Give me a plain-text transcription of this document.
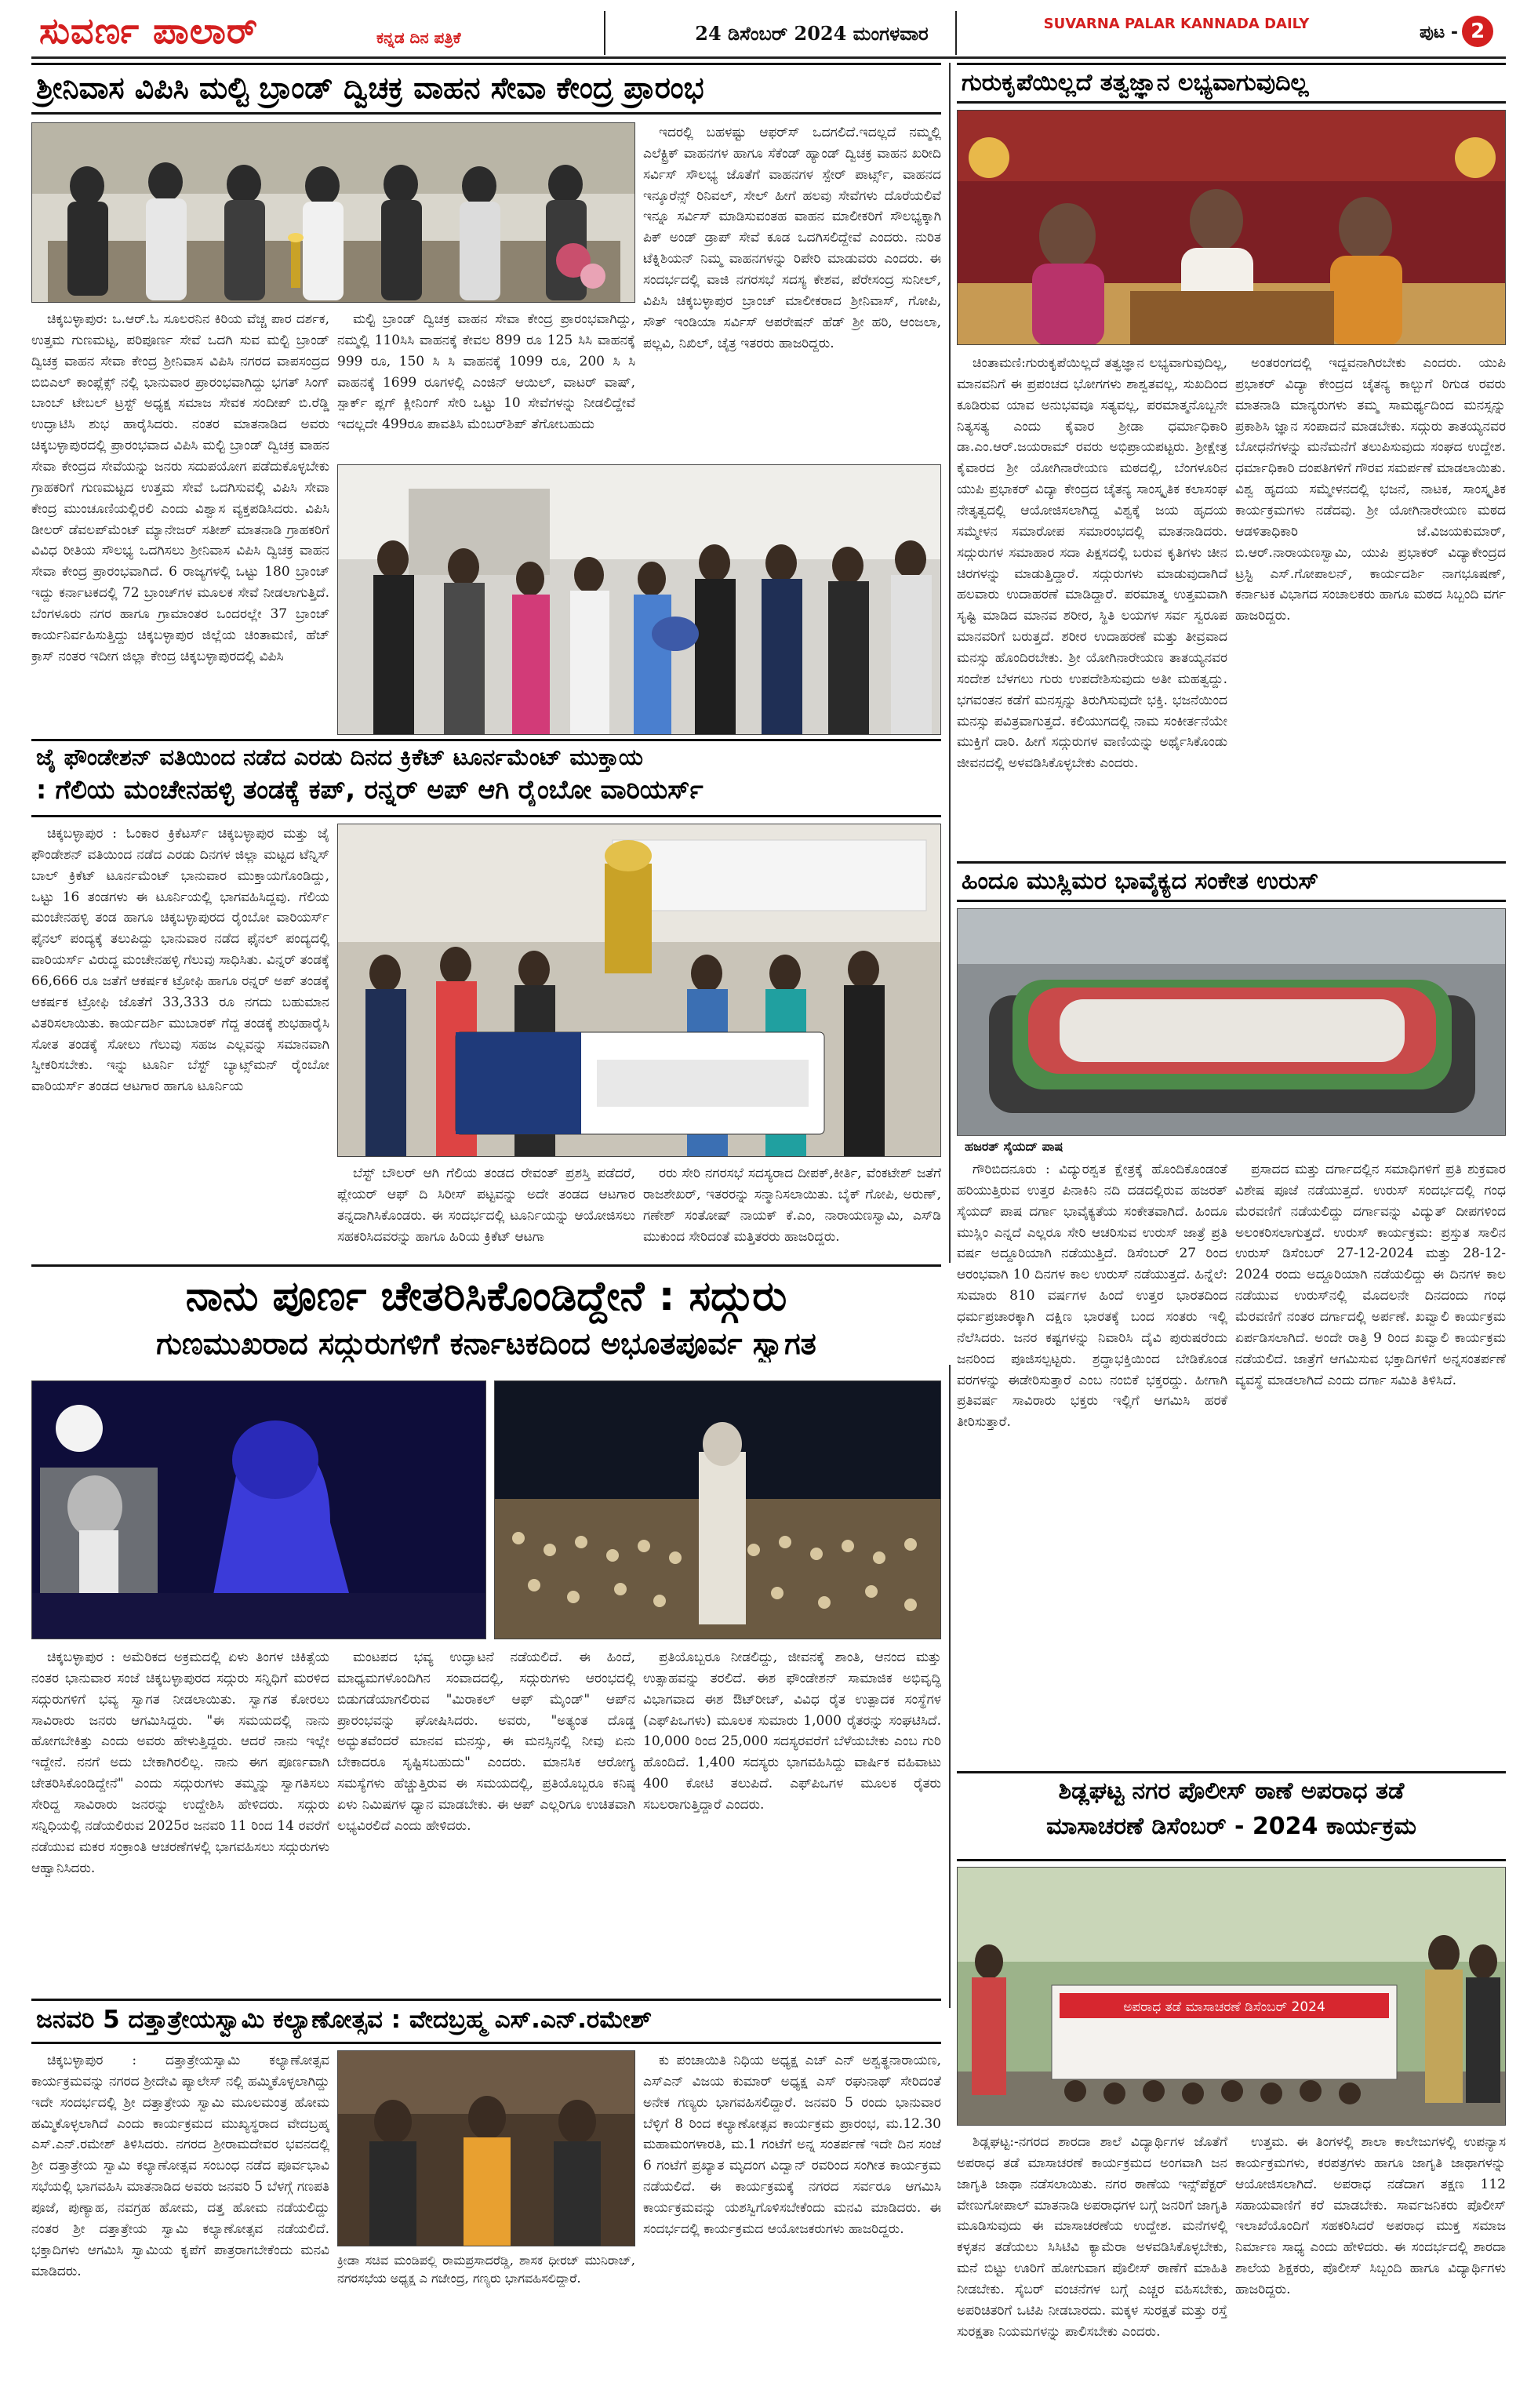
ಸುವರ್ಣ ಪಾಲಾರ್	ಕನ್ನಡ ದಿನ ಪತ್ರಿಕೆ	24 ಡಿಸೆಂಬರ್ 2024 ಮಂಗಳವಾರ	SUVARNA PALAR KANNADA DAILY	ಪುಟ - 2
ಶ್ರೀನಿವಾಸ ವಿಪಿಸಿ ಮಲ್ಟಿ ಬ್ರಾಂಡ್ ದ್ವಿಚಕ್ರ ವಾಹನ ಸೇವಾ ಕೇಂದ್ರ ಪ್ರಾರಂಭ

ಇದರಲ್ಲಿ ಬಹಳಷ್ಟು ಆಫರ್‌ಸ್ ಒದಗಲಿದೆ.ಇದಲ್ಲದೆ ನಮ್ಮಲ್ಲಿ ಎಲೆಕ್ಟ್ರಿಕ್ ವಾಹನಗಳ ಹಾಗೂ ಸೆಕೆಂಡ್ ಹ್ಯಾಂಡ್ ದ್ವಿಚಕ್ರ ವಾಹನ ಖರೀದಿ ಸರ್ವಿಸ್ ಸೌಲಭ್ಯ ಜೊತೆಗೆ ವಾಹನಗಳ ಸ್ಪೇರ್ ಪಾರ್ಟ್ಸ್, ವಾಹನದ ಇನ್ಶೂರೆನ್ಸ್ ರಿನಿವಲ್, ಸೇಲ್ ಹೀಗೆ ಹಲವು ಸೇವೆಗಳು ದೊರೆಯಲಿವೆ ಇನ್ನೂ ಸರ್ವಿಸ್ ಮಾಡಿಸುವಂತಹ ವಾಹನ ಮಾಲೀಕರಿಗೆ ಸೌಲಭ್ಯಕ್ಕಾಗಿ ಪಿಕ್ ಅಂಡ್ ಡ್ರಾಪ್ ಸೇವೆ ಕೂಡ ಒದಗಿಸಲಿದ್ದೇವೆ ಎಂದರು. ನುರಿತ ಟೆಕ್ನಿಶಿಯನ್ ನಿಮ್ಮ ವಾಹನಗಳನ್ನು ರಿಪೇರಿ ಮಾಡುವರು ಎಂದರು. ಈ ಸಂದರ್ಭದಲ್ಲಿ ವಾಜಿ ನಗರಸಭೆ ಸದಸ್ಯ ಕೇಶವ, ಪೆರೇಸಂದ್ರ ಸುನೀಲ್, ವಿಪಿಸಿ ಚಿಕ್ಕಬಳ್ಳಾಪುರ ಬ್ರಾಂಚ್ ಮಾಲೀಕರಾದ ಶ್ರೀನಿವಾಸ್, ಗೋಪಿ, ಸೌತ್ ಇಂಡಿಯಾ ಸರ್ವಿಸ್ ಆಪರೇಷನ್ ಹೆಡ್ ಶ್ರೀ ಹರಿ, ಆಂಜಲಾ, ಪಲ್ಲವಿ, ನಿಖಿಲ್, ಚೈತ್ರ ಇತರರು ಹಾಜರಿದ್ದರು.

ಚಿಕ್ಕಬಳ್ಳಾಪುರ: ಒ.ಆರ್.ಓ ಸೂಲರನಿನ ಕಿರಿಯ ವೆಚ್ಚ ಪಾರ ದರ್ಶಕ, ಉತ್ತಮ ಗುಣಮಟ್ಟ, ಪರಿಪೂರ್ಣ ಸೇವೆ ಒದಗಿ ಸುವ ಮಲ್ಟಿ ಬ್ರಾಂಡ್ ದ್ವಿಚಕ್ರ ವಾಹನ ಸೇವಾ ಕೇಂದ್ರ ಶ್ರೀನಿವಾಸ ವಿಪಿಸಿ ನಗರದ ವಾಪಸಂದ್ರದ ಬಿಬಿಎಲ್ ಕಾಂಪ್ಲೆಕ್ಸ್ ನಲ್ಲಿ ಭಾನುವಾರ ಪ್ರಾರಂಭವಾಗಿದ್ದು ಭಗತ್ ಸಿಂಗ್ ಬಾಂಬ್ ಟೇಬಲ್ ಟ್ರಸ್ಟ್ ಅಧ್ಯಕ್ಷ ಸಮಾಜ ಸೇವಕ ಸಂದೀಪ್ ಬಿ.ರೆಡ್ಡಿ ಉದ್ಘಾಟಿಸಿ ಶುಭ ಹಾರೈಸಿದರು. ನಂತರ ಮಾತನಾಡಿದ ಅವರು ಚಿಕ್ಕಬಳ್ಳಾಪುರದಲ್ಲಿ ಪ್ರಾರಂಭವಾದ ವಿಪಿಸಿ ಮಲ್ಟಿ ಬ್ರಾಂಡ್ ದ್ವಿಚಕ್ರ ವಾಹನ ಸೇವಾ ಕೇಂದ್ರದ ಸೇವೆಯನ್ನು ಜನರು ಸದುಪಯೋಗ ಪಡೆದುಕೊಳ್ಳಬೇಕು ಗ್ರಾಹಕರಿಗೆ ಗುಣಮಟ್ಟದ ಉತ್ತಮ ಸೇವೆ ಒದಗಿಸುವಲ್ಲಿ ವಿಪಿಸಿ ಸೇವಾ ಕೇಂದ್ರ ಮುಂಚೂಣಿಯಲ್ಲಿರಲಿ ಎಂದು ವಿಶ್ವಾಸ ವ್ಯಕ್ತಪಡಿಸಿದರು. ವಿಪಿಸಿ ಡೀಲರ್ ಡೆವಲಪ್‌ಮೆಂಟ್ ಮ್ಯಾನೇಜರ್ ಸತೀಶ್ ಮಾತನಾಡಿ ಗ್ರಾಹಕರಿಗೆ ವಿವಿಧ ರೀತಿಯ ಸೌಲಭ್ಯ ಒದಗಿಸಲು ಶ್ರೀನಿವಾಸ ವಿಪಿಸಿ ದ್ವಿಚಕ್ರ ವಾಹನ ಸೇವಾ ಕೇಂದ್ರ ಪ್ರಾರಂಭವಾಗಿದೆ. 6 ರಾಜ್ಯಗಳಲ್ಲಿ ಒಟ್ಟು 180 ಬ್ರಾಂಚ್ ಇದ್ದು ಕರ್ನಾಟಕದಲ್ಲಿ 72 ಬ್ರಾಂಚ್‌ಗಳ ಮೂಲಕ ಸೇವೆ ನೀಡಲಾಗುತ್ತಿದೆ. ಬೆಂಗಳೂರು ನಗರ ಹಾಗೂ ಗ್ರಾಮಾಂತರ ಒಂದರಲ್ಲೇ 37 ಬ್ರಾಂಚ್ ಕಾರ್ಯನಿರ್ವಹಿಸುತ್ತಿದ್ದು ಚಿಕ್ಕಬಳ್ಳಾಪುರ ಜಿಲ್ಲೆಯ ಚಿಂತಾಮಣಿ, ಹೆಚ್ ಕ್ರಾಸ್ ನಂತರ ಇದೀಗ ಜಿಲ್ಲಾ ಕೇಂದ್ರ ಚಿಕ್ಕಬಳ್ಳಾಪುರದಲ್ಲಿ ವಿಪಿಸಿ

ಮಲ್ಟಿ ಬ್ರಾಂಡ್ ದ್ವಿಚಕ್ರ ವಾಹನ ಸೇವಾ ಕೇಂದ್ರ ಪ್ರಾರಂಭವಾಗಿದ್ದು, ನಮ್ಮಲ್ಲಿ 110ಸಿಸಿ ವಾಹನಕ್ಕೆ ಕೇವಲ 899 ರೂ 125 ಸಿಸಿ ವಾಹನಕ್ಕೆ 999 ರೂ, 150 ಸಿ ಸಿ ವಾಹನಕ್ಕೆ 1099 ರೂ, 200 ಸಿ ಸಿ ವಾಹನಕ್ಕೆ 1699 ರೂಗಳಲ್ಲಿ ಎಂಜಿನ್ ಆಯಿಲ್, ವಾಟರ್ ವಾಷ್, ಸ್ಪಾರ್ಕ್ ಪ್ಲಗ್ ಕ್ಲೀನಿಂಗ್ ಸೇರಿ ಒಟ್ಟು 10 ಸೇವೆಗಳನ್ನು ನೀಡಲಿದ್ದೇವೆ ಇದಲ್ಲದೇ 499ರೂ ಪಾವತಿಸಿ ಮೆಂಬರ್‌ಶಿಪ್ ತೆಗೋಬಹುದು

ಗುರುಕೃಪೆಯಿಲ್ಲದೆ ತತ್ವಜ್ಞಾನ ಲಭ್ಯವಾಗುವುದಿಲ್ಲ

ಚಿಂತಾಮಣಿ:ಗುರುಕೃಪೆಯಿಲ್ಲದೆ ತತ್ವಜ್ಞಾನ ಲಭ್ಯವಾಗುವುದಿಲ್ಲ, ಮಾನವನಿಗೆ ಈ ಪ್ರಪಂಚದ ಭೋಗಗಳು ಶಾಶ್ವತವಲ್ಲ, ಸುಖದಿಂದ ಕೂಡಿರುವ ಯಾವ ಅನುಭವವೂ ಸತ್ಯವಲ್ಲ, ಪರಮಾತ್ಮನೊಬ್ಬನೇ ನಿತ್ಯಸತ್ಯ ಎಂದು ಕೈವಾರ ಶ್ರೀಡಾ ಧರ್ಮಾಧಿಕಾರಿ ಡಾ.ಎಂ.ಆರ್.ಜಯರಾಮ್ ರವರು ಅಭಿಪ್ರಾಯಪಟ್ಟರು. ಶ್ರೀಕ್ಷೇತ್ರ ಕೈವಾರದ ಶ್ರೀ ಯೋಗಿನಾರೇಯಣ ಮಠದಲ್ಲಿ, ಬೆಂಗಳೂರಿನ ಯುಪಿ ಪ್ರಭಾಕರ್ ವಿದ್ಯಾ ಕೇಂದ್ರದ ಚೈತನ್ಯ ಸಾಂಸ್ಕೃತಿಕ ಕಲಾಸಂಘ ನೇತೃತ್ವದಲ್ಲಿ ಆಯೋಜಿಸಲಾಗಿದ್ದ ವಿಶ್ವಕ್ಕೆ ಜಯ ಹೃದಯ ಸಮ್ಮೇಳನ ಸಮಾರೋಪ ಸಮಾರಂಭದಲ್ಲಿ ಮಾತನಾಡಿದರು. ಸದ್ಗುರುಗಳ ಸಮಾಹಾರ ಸದಾ ಪಿಕ್ಷಸದಲ್ಲಿ ಬರುವ ಕೃತಿಗಳು ಚೀನ ಚಿರಗಳನ್ನು ಮಾಡುತ್ತಿದ್ದಾರೆ. ಸದ್ಗುರುಗಳು ಮಾಡುವುದಾಗಿದೆ ಹಲವಾರು ಉದಾಹರಣೆ ಮಾಡಿದ್ದಾರೆ. ಪರಮಾತ್ಮ ಉತ್ತಮವಾಗಿ ಸೃಷ್ಟಿ ಮಾಡಿದ ಮಾನವ ಶರೀರ, ಸ್ಥಿತಿ ಲಯಗಳ ಸರ್ವ ಸ್ವರೂಪ ಮಾನವರಿಗೆ ಬರುತ್ತದೆ. ಶರೀರ ಉದಾಹರಣೆ ಮತ್ತು ತೀವ್ರವಾದ ಮನಸ್ಸು ಹೊಂದಿರಬೇಕು. ಶ್ರೀ ಯೋಗಿನಾರೇಯಣ ತಾತಯ್ಯನವರ ಸಂದೇಶ ಬೆಳಗಲು ಗುರು ಉಪದೇಶಿಸುವುದು ಅತೀ ಮಹತ್ವದ್ದು. ಭಗವಂತನ ಕಡೆಗೆ ಮನಸ್ಸನ್ನು ತಿರುಗಿಸುವುದೇ ಭಕ್ತಿ. ಭಜನೆಯಿಂದ ಮನಸ್ಸು ಪವಿತ್ರವಾಗುತ್ತದೆ. ಕಲಿಯುಗದಲ್ಲಿ ನಾಮ ಸಂಕೀರ್ತನೆಯೇ ಮುಕ್ತಿಗೆ ದಾರಿ. ಹೀಗೆ ಸದ್ಗುರುಗಳ ವಾಣಿಯನ್ನು ಅರ್ಥೈಸಿಕೊಂಡು ಜೀವನದಲ್ಲಿ ಅಳವಡಿಸಿಕೊಳ್ಳಬೇಕು ಎಂದರು.

ಅಂತರಂಗದಲ್ಲಿ ಇದ್ದವನಾಗಿರಬೇಕು ಎಂದರು. ಯುಪಿ ಪ್ರಭಾಕರ್ ವಿದ್ಯಾ ಕೇಂದ್ರದ ಚೈತನ್ಯ ಕಾಲ್ಬುಗೆ ರಿಗುಡ ರವರು ಮಾತನಾಡಿ ಮಾನ್ಯರುಗಳು ತಮ್ಮ ಸಾಮರ್ಥ್ಯದಿಂದ ಮನಸ್ಸನ್ನು ಪ್ರಕಾಶಿಸಿ ಜ್ಞಾನ ಸಂಪಾದನೆ ಮಾಡಬೇಕು. ಸದ್ಗುರು ತಾತಯ್ಯನವರ ಬೋಧನೆಗಳನ್ನು ಮನೆಮನೆಗೆ ತಲುಪಿಸುವುದು ಸಂಘದ ಉದ್ದೇಶ. ಧರ್ಮಾಧಿಕಾರಿ ದಂಪತಿಗಳಿಗೆ ಗೌರವ ಸಮರ್ಪಣೆ ಮಾಡಲಾಯಿತು. ವಿಶ್ವ ಹೃದಯ ಸಮ್ಮೇಳನದಲ್ಲಿ ಭಜನೆ, ನಾಟಕ, ಸಾಂಸ್ಕೃತಿಕ ಕಾರ್ಯಕ್ರಮಗಳು ನಡೆದವು. ಶ್ರೀ ಯೋಗಿನಾರೇಯಣ ಮಠದ ಆಡಳಿತಾಧಿಕಾರಿ ಜೆ.ವಿಜಯಕುಮಾರ್, ಬಿ.ಆರ್.ನಾರಾಯಣಸ್ವಾಮಿ, ಯುಪಿ ಪ್ರಭಾಕರ್ ವಿದ್ಯಾಕೇಂದ್ರದ ಟ್ರಸ್ಟಿ ಎಸ್.ಗೋಪಾಲನ್, ಕಾರ್ಯದರ್ಶಿ ನಾಗಭೂಷಣ್, ಕರ್ನಾಟಕ ವಿಭಾಗದ ಸಂಚಾಲಕರು ಹಾಗೂ ಮಠದ ಸಿಬ್ಬಂದಿ ವರ್ಗ ಹಾಜರಿದ್ದರು.

ಜೈ ಫೌಂಡೇಶನ್ ವತಿಯಿಂದ ನಡೆದ ಎರಡು ದಿನದ ಕ್ರಿಕೆಟ್ ಟೂರ್ನಮೆಂಟ್ ಮುಕ್ತಾಯ
: ಗೆಲಿಯ ಮಂಚೇನಹಳ್ಳಿ ತಂಡಕ್ಕೆ ಕಪ್, ರನ್ನರ್ ಅಪ್ ಆಗಿ ರೈಂಬೋ ವಾರಿಯರ್ಸ್

ಚಿಕ್ಕಬಳ್ಳಾಪುರ : ಓಂಕಾರ ಕ್ರಿಕೆಟರ್ಸ್ ಚಿಕ್ಕಬಳ್ಳಾಪುರ ಮತ್ತು ಜೈ ಫೌಂಡೇಶನ್ ವತಿಯಿಂದ ನಡೆದ ಎರಡು ದಿನಗಳ ಜಿಲ್ಲಾ ಮಟ್ಟದ ಟೆನ್ನಿಸ್ ಬಾಲ್ ಕ್ರಿಕೆಟ್ ಟೂರ್ನಮೆಂಟ್ ಭಾನುವಾರ ಮುಕ್ತಾಯಗೊಂಡಿದ್ದು, ಒಟ್ಟು 16 ತಂಡಗಳು ಈ ಟೂರ್ನಿಯಲ್ಲಿ ಭಾಗವಹಿಸಿದ್ದವು. ಗೆಲಿಯ ಮಂಚೇನಹಳ್ಳಿ ತಂಡ ಹಾಗೂ ಚಿಕ್ಕಬಳ್ಳಾಪುರದ ರೈಂಬೋ ವಾರಿಯರ್ಸ್ ಫೈನಲ್ ಪಂದ್ಯಕ್ಕೆ ತಲುಪಿದ್ದು ಭಾನುವಾರ ನಡೆದ ಫೈನಲ್ ಪಂದ್ಯದಲ್ಲಿ ವಾರಿಯರ್ಸ್ ವಿರುದ್ಧ ಮಂಚೇನಹಳ್ಳಿ ಗೆಲುವು ಸಾಧಿಸಿತು. ವಿನ್ನರ್ ತಂಡಕ್ಕೆ 66,666 ರೂ ಜತೆಗೆ ಆಕರ್ಷಕ ಟ್ರೋಫಿ ಹಾಗೂ ರನ್ನರ್ ಅಪ್ ತಂಡಕ್ಕೆ ಆಕರ್ಷಕ ಟ್ರೋಫಿ ಜೊತೆಗೆ 33,333 ರೂ ನಗದು ಬಹುಮಾನ ವಿತರಿಸಲಾಯಿತು. ಕಾರ್ಯದರ್ಶಿ ಮುಬಾರಕ್ ಗೆದ್ದ ತಂಡಕ್ಕೆ ಶುಭಹಾರೈಸಿ ಸೋತ ತಂಡಕ್ಕೆ ಸೋಲು ಗೆಲುವು ಸಹಜ ಎಲ್ಲವನ್ನು ಸಮಾನವಾಗಿ ಸ್ವೀಕರಿಸಬೇಕು. ಇನ್ನು ಟೂರ್ನಿ ಬೆಸ್ಟ್ ಬ್ಯಾಟ್ಸ್‌ಮನ್ ರೈಂಬೋ ವಾರಿಯರ್ಸ್ ತಂಡದ ಆಟಗಾರ ಹಾಗೂ ಟೂರ್ನಿಯ

ಬೆಸ್ಟ್ ಬೌಲರ್ ಆಗಿ ಗೆಲಿಯ ತಂಡದ ರೇವಂತ್ ಪ್ರಶಸ್ತಿ ಪಡೆದರೆ, ಪ್ಲೇಯರ್ ಆಫ್ ದಿ ಸಿರೀಸ್ ಪಟ್ಟವನ್ನು ಅದೇ ತಂಡದ ಆಟಗಾರ ತನ್ನದಾಗಿಸಿಕೊಂಡರು. ಈ ಸಂದರ್ಭದಲ್ಲಿ ಟೂರ್ನಿಯನ್ನು ಆಯೋಜಿಸಲು ಸಹಕರಿಸಿದವರನ್ನು ಹಾಗೂ ಹಿರಿಯ ಕ್ರಿಕೆಟ್ ಆಟಗಾ

ರರು ಸೇರಿ ನಗರಸಭೆ ಸದಸ್ಯರಾದ ದೀಪಕ್,ಕೀರ್ತಿ, ವೆಂಕಟೇಶ್ ಜತೆಗೆ ರಾಜಶೇಖರ್, ಇತರರನ್ನು ಸನ್ಮಾನಿಸಲಾಯಿತು. ಬೈಕ್ ಗೋಪಿ, ಅರುಣ್, ಗಣೇಶ್ ಸಂತೋಷ್ ನಾಯಕ್ ಕೆ.ಎಂ, ನಾರಾಯಣಸ್ವಾಮಿ, ಎಸ್‌ಡಿ ಮುಕುಂದ ಸೇರಿದಂತೆ ಮತ್ತಿತರರು ಹಾಜರಿದ್ದರು.

ಹಿಂದೂ ಮುಸ್ಲಿಮರ ಭಾವೈಕ್ಯದ ಸಂಕೇತ ಉರುಸ್
ಹಜರತ್ ಸೈಯದ್ ಪಾಷ

ಗೌರಿಬಿದನೂರು : ವಿದ್ಯುರಶ್ವತ ಕ್ಷೇತ್ರಕ್ಕೆ ಹೊಂದಿಕೊಂಡಂತೆ ಹರಿಯುತ್ತಿರುವ ಉತ್ತರ ಪಿನಾಕಿನಿ ನದಿ ದಡದಲ್ಲಿರುವ ಹಜರತ್ ಸೈಯದ್ ಪಾಷ ದರ್ಗಾ ಭಾವೈಕ್ಯತೆಯ ಸಂಕೇತವಾಗಿದೆ. ಹಿಂದೂ ಮುಸ್ಲಿಂ ಎನ್ನದೆ ಎಲ್ಲರೂ ಸೇರಿ ಆಚರಿಸುವ ಉರುಸ್ ಜಾತ್ರೆ ಪ್ರತಿ ವರ್ಷ ಅದ್ದೂರಿಯಾಗಿ ನಡೆಯುತ್ತಿದೆ. ಡಿಸೆಂಬರ್ 27 ರಿಂದ ಆರಂಭವಾಗಿ 10 ದಿನಗಳ ಕಾಲ ಉರುಸ್ ನಡೆಯುತ್ತದೆ. ಹಿನ್ನೆಲೆ: ಸುಮಾರು 810 ವರ್ಷಗಳ ಹಿಂದೆ ಉತ್ತರ ಭಾರತದಿಂದ ಧರ್ಮಪ್ರಚಾರಕ್ಕಾಗಿ ದಕ್ಷಿಣ ಭಾರತಕ್ಕೆ ಬಂದ ಸಂತರು ಇಲ್ಲಿ ನೆಲೆಸಿದರು. ಜನರ ಕಷ್ಟಗಳನ್ನು ನಿವಾರಿಸಿ ದೈವಿ ಪುರುಷರೆಂದು ಜನರಿಂದ ಪೂಜಿಸಲ್ಪಟ್ಟರು. ಶ್ರದ್ಧಾಭಕ್ತಿಯಿಂದ ಬೇಡಿಕೊಂಡ ವರಗಳನ್ನು ಈಡೇರಿಸುತ್ತಾರೆ ಎಂಬ ನಂಬಿಕೆ ಭಕ್ತರದ್ದು. ಹೀಗಾಗಿ ಪ್ರತಿವರ್ಷ ಸಾವಿರಾರು ಭಕ್ತರು ಇಲ್ಲಿಗೆ ಆಗಮಿಸಿ ಹರಕೆ ತೀರಿಸುತ್ತಾರೆ.

ಪ್ರಸಾದದ ಮತ್ತು ದರ್ಗಾದಲ್ಲಿನ ಸಮಾಧಿಗಳಿಗೆ ಪ್ರತಿ ಶುಕ್ರವಾರ ವಿಶೇಷ ಪೂಜೆ ನಡೆಯುತ್ತದೆ. ಉರುಸ್ ಸಂದರ್ಭದಲ್ಲಿ ಗಂಧ ಮೆರವಣಿಗೆ ನಡೆಯಲಿದ್ದು ದರ್ಗಾವನ್ನು ವಿದ್ಯುತ್ ದೀಪಗಳಿಂದ ಅಲಂಕರಿಸಲಾಗುತ್ತದೆ. ಉರುಸ್ ಕಾರ್ಯಕ್ರಮ: ಪ್ರಸ್ತುತ ಸಾಲಿನ ಉರುಸ್ ಡಿಸೆಂಬರ್ 27-12-2024 ಮತ್ತು 28-12-2024 ರಂದು ಅದ್ದೂರಿಯಾಗಿ ನಡೆಯಲಿದ್ದು ಈ ದಿನಗಳ ಕಾಲ ನಡೆಯುವ ಉರುಸ್‌ನಲ್ಲಿ ಮೊದಲನೇ ದಿನದಂದು ಗಂಧ ಮೆರವಣಿಗೆ ನಂತರ ದರ್ಗಾದಲ್ಲಿ ಅರ್ಪಣೆ. ಖವ್ವಾಲಿ ಕಾರ್ಯಕ್ರಮ ಏರ್ಪಡಿಸಲಾಗಿದೆ. ಅಂದೇ ರಾತ್ರಿ 9 ರಿಂದ ಖವ್ವಾಲಿ ಕಾರ್ಯಕ್ರಮ ನಡೆಯಲಿದೆ. ಜಾತ್ರೆಗೆ ಆಗಮಿಸುವ ಭಕ್ತಾದಿಗಳಿಗೆ ಅನ್ನಸಂತರ್ಪಣೆ ವ್ಯವಸ್ಥೆ ಮಾಡಲಾಗಿದೆ ಎಂದು ದರ್ಗಾ ಸಮಿತಿ ತಿಳಿಸಿದೆ.

ನಾನು ಪೂರ್ಣ ಚೇತರಿಸಿಕೊಂಡಿದ್ದೇನೆ : ಸದ್ಗುರು
ಗುಣಮುಖರಾದ ಸದ್ಗುರುಗಳಿಗೆ ಕರ್ನಾಟಕದಿಂದ ಅಭೂತಪೂರ್ವ ಸ್ವಾಗತ

ಚಿಕ್ಕಬಳ್ಳಾಪುರ : ಅಮೆರಿಕದ ಅಕ್ರಮದಲ್ಲಿ ಏಳು ತಿಂಗಳ ಚಿಕಿತ್ಸೆಯ ನಂತರ ಭಾನುವಾರ ಸಂಜೆ ಚಿಕ್ಕಬಳ್ಳಾಪುರದ ಸದ್ಗುರು ಸನ್ನಿಧಿಗೆ ಮರಳಿದ ಸದ್ಗುರುಗಳಿಗೆ ಭವ್ಯ ಸ್ವಾಗತ ನೀಡಲಾಯಿತು. ಸ್ವಾಗತ ಕೋರಲು ಸಾವಿರಾರು ಜನರು ಆಗಮಿಸಿದ್ದರು. "ಈ ಸಮಯದಲ್ಲಿ ನಾನು ಹೋಗಬೇಕಿತ್ತು ಎಂದು ಅವರು ಹೇಳುತ್ತಿದ್ದರು. ಆದರೆ ನಾನು ಇಲ್ಲೇ ಇದ್ದೇನೆ. ನನಗೆ ಅದು ಬೇಕಾಗಿರಲಿಲ್ಲ. ನಾನು ಈಗ ಪೂರ್ಣವಾಗಿ ಚೇತರಿಸಿಕೊಂಡಿದ್ದೇನೆ" ಎಂದು ಸದ್ಗುರುಗಳು ತಮ್ಮನ್ನು ಸ್ವಾಗತಿಸಲು ಸೇರಿದ್ದ ಸಾವಿರಾರು ಜನರನ್ನು ಉದ್ದೇಶಿಸಿ ಹೇಳಿದರು. ಸದ್ಗುರು ಸನ್ನಿಧಿಯಲ್ಲಿ ನಡೆಯಲಿರುವ 2025ರ ಜನವರಿ 11 ರಿಂದ 14 ರವರೆಗೆ ನಡೆಯುವ ಮಕರ ಸಂಕ್ರಾಂತಿ ಆಚರಣೆಗಳಲ್ಲಿ ಭಾಗವಹಿಸಲು ಸದ್ಗುರುಗಳು ಆಹ್ವಾನಿಸಿದರು.

ಮಂಟಪದ ಭವ್ಯ ಉದ್ಘಾಟನೆ ನಡೆಯಲಿದೆ. ಈ ಹಿಂದೆ, ಮಾಧ್ಯಮಗಳೊಂದಿಗಿನ ಸಂವಾದದಲ್ಲಿ, ಸದ್ಗುರುಗಳು ಆರಂಭದಲ್ಲಿ ಬಿಡುಗಡೆಯಾಗಲಿರುವ "ಮಿರಾಕಲ್ ಆಫ್ ಮೈಂಡ್" ಆಪ್‌ನ ಪ್ರಾರಂಭವನ್ನು ಘೋಷಿಸಿದರು. ಅವರು, "ಅತ್ಯಂತ ದೊಡ್ಡ ಅದ್ಭುತವೆಂದರೆ ಮಾನವ ಮನಸ್ಸು, ಈ ಮನಸ್ಸಿನಲ್ಲಿ ನೀವು ಏನು ಬೇಕಾದರೂ ಸೃಷ್ಟಿಸಬಹುದು" ಎಂದರು. ಮಾನಸಿಕ ಆರೋಗ್ಯ ಸಮಸ್ಯೆಗಳು ಹೆಚ್ಚುತ್ತಿರುವ ಈ ಸಮಯದಲ್ಲಿ, ಪ್ರತಿಯೊಬ್ಬರೂ ಕನಿಷ್ಠ ಏಳು ನಿಮಿಷಗಳ ಧ್ಯಾನ ಮಾಡಬೇಕು. ಈ ಆಪ್ ಎಲ್ಲರಿಗೂ ಉಚಿತವಾಗಿ ಲಭ್ಯವಿರಲಿದೆ ಎಂದು ಹೇಳಿದರು.

ಪ್ರತಿಯೊಬ್ಬರೂ ನೀಡಲಿದ್ದು, ಜೀವನಕ್ಕೆ ಶಾಂತಿ, ಆನಂದ ಮತ್ತು ಉತ್ಸಾಹವನ್ನು ತರಲಿದೆ. ಈಶ ಫೌಂಡೇಶನ್ ಸಾಮಾಜಿಕ ಅಭಿವೃದ್ಧಿ ವಿಭಾಗವಾದ ಈಶ ಔಟ್‌ರೀಚ್, ವಿವಿಧ ರೈತ ಉತ್ಪಾದಕ ಸಂಸ್ಥೆಗಳ (ಎಫ್‌ಪಿಒಗಳು) ಮೂಲಕ ಸುಮಾರು 1,000 ರೈತರನ್ನು ಸಂಘಟಿಸಿದೆ. 10,000 ರಿಂದ 25,000 ಸದಸ್ಯರವರೆಗೆ ಬೆಳೆಯಬೇಕು ಎಂಬ ಗುರಿ ಹೊಂದಿದೆ. 1,400 ಸದಸ್ಯರು ಭಾಗವಹಿಸಿದ್ದು ವಾರ್ಷಿಕ ವಹಿವಾಟು 400 ಕೋಟಿ ತಲುಪಿದೆ. ಎಫ್‌ಪಿಒಗಳ ಮೂಲಕ ರೈತರು ಸಬಲರಾಗುತ್ತಿದ್ದಾರೆ ಎಂದರು.

ಶಿಡ್ಲಘಟ್ಟ ನಗರ ಪೊಲೀಸ್ ಠಾಣೆ ಅಪರಾಧ ತಡೆ
ಮಾಸಾಚರಣೆ ಡಿಸೆಂಬರ್ - 2024 ಕಾರ್ಯಕ್ರಮ
ಅಪರಾಧ ತಡೆ ಮಾಸಾಚರಣೆ ಡಿಸೆಂಬರ್ 2024

ಶಿಡ್ಲಘಟ್ಟ:-ನಗರದ ಶಾರದಾ ಶಾಲೆ ವಿದ್ಯಾರ್ಥಿಗಳ ಜೊತೆಗೆ ಅಪರಾಧ ತಡೆ ಮಾಸಾಚರಣೆ ಕಾರ್ಯಕ್ರಮದ ಅಂಗವಾಗಿ ಜನ ಜಾಗೃತಿ ಜಾಥಾ ನಡೆಸಲಾಯಿತು. ನಗರ ಠಾಣೆಯ ಇನ್ಸ್‌ಪೆಕ್ಟರ್ ವೇಣುಗೋಪಾಲ್ ಮಾತನಾಡಿ ಅಪರಾಧಗಳ ಬಗ್ಗೆ ಜನರಿಗೆ ಜಾಗೃತಿ ಮೂಡಿಸುವುದು ಈ ಮಾಸಾಚರಣೆಯ ಉದ್ದೇಶ. ಮನೆಗಳಲ್ಲಿ ಕಳ್ಳತನ ತಡೆಯಲು ಸಿಸಿಟಿವಿ ಕ್ಯಾಮೆರಾ ಅಳವಡಿಸಿಕೊಳ್ಳಬೇಕು, ಮನೆ ಬಿಟ್ಟು ಊರಿಗೆ ಹೋಗುವಾಗ ಪೊಲೀಸ್ ಠಾಣೆಗೆ ಮಾಹಿತಿ ನೀಡಬೇಕು. ಸೈಬರ್ ವಂಚನೆಗಳ ಬಗ್ಗೆ ಎಚ್ಚರ ವಹಿಸಬೇಕು, ಅಪರಿಚಿತರಿಗೆ ಒಟಿಪಿ ನೀಡಬಾರದು. ಮಕ್ಕಳ ಸುರಕ್ಷತೆ ಮತ್ತು ರಸ್ತೆ ಸುರಕ್ಷತಾ ನಿಯಮಗಳನ್ನು ಪಾಲಿಸಬೇಕು ಎಂದರು.

ಉತ್ತಮ. ಈ ತಿಂಗಳಲ್ಲಿ ಶಾಲಾ ಕಾಲೇಜುಗಳಲ್ಲಿ ಉಪನ್ಯಾಸ ಕಾರ್ಯಕ್ರಮಗಳು, ಕರಪತ್ರಗಳು ಹಾಗೂ ಜಾಗೃತಿ ಜಾಥಾಗಳನ್ನು ಆಯೋಜಿಸಲಾಗಿದೆ. ಅಪರಾಧ ನಡೆದಾಗ ತಕ್ಷಣ 112 ಸಹಾಯವಾಣಿಗೆ ಕರೆ ಮಾಡಬೇಕು. ಸಾರ್ವಜನಿಕರು ಪೊಲೀಸ್ ಇಲಾಖೆಯೊಂದಿಗೆ ಸಹಕರಿಸಿದರೆ ಅಪರಾಧ ಮುಕ್ತ ಸಮಾಜ ನಿರ್ಮಾಣ ಸಾಧ್ಯ ಎಂದು ಹೇಳಿದರು. ಈ ಸಂದರ್ಭದಲ್ಲಿ ಶಾರದಾ ಶಾಲೆಯ ಶಿಕ್ಷಕರು, ಪೊಲೀಸ್ ಸಿಬ್ಬಂದಿ ಹಾಗೂ ವಿದ್ಯಾರ್ಥಿಗಳು ಹಾಜರಿದ್ದರು.

ಜನವರಿ 5 ದತ್ತಾತ್ರೇಯಸ್ವಾಮಿ ಕಲ್ಯಾಣೋತ್ಸವ : ವೇದಬ್ರಹ್ಮ ಎಸ್.ಎನ್.ರಮೇಶ್

ಚಿಕ್ಕಬಳ್ಳಾಪುರ : ದತ್ತಾತ್ರೇಯಸ್ವಾಮಿ ಕಲ್ಯಾಣೋತ್ಸವ ಕಾರ್ಯಕ್ರಮವನ್ನು ನಗರದ ಶ್ರೀದೇವಿ ಪ್ಯಾಲೇಸ್ ನಲ್ಲಿ ಹಮ್ಮಿಕೊಳ್ಳಲಾಗಿದ್ದು ಇದೇ ಸಂದರ್ಭದಲ್ಲಿ ಶ್ರೀ ದತ್ತಾತ್ರೇಯ ಸ್ವಾಮಿ ಮೂಲಮಂತ್ರ ಹೋಮ ಹಮ್ಮಿಕೊಳ್ಳಲಾಗಿದೆ ಎಂದು ಕಾರ್ಯಕ್ರಮದ ಮುಖ್ಯಸ್ಥರಾದ ವೇದಬ್ರಹ್ಮ ಎಸ್.ಎನ್.ರಮೇಶ್ ತಿಳಿಸಿದರು. ನಗರದ ಶ್ರೀರಾಮದೇವರ ಭವನದಲ್ಲಿ ಶ್ರೀ ದತ್ತಾತ್ರೇಯ ಸ್ವಾಮಿ ಕಲ್ಯಾಣೋತ್ಸವ ಸಂಬಂಧ ನಡೆದ ಪೂರ್ವಭಾವಿ ಸಭೆಯಲ್ಲಿ ಭಾಗವಹಿಸಿ ಮಾತನಾಡಿದ ಅವರು ಜನವರಿ 5 ಬೆಳಗ್ಗೆ ಗಣಪತಿ ಪೂಜೆ, ಪುಣ್ಯಾಹ, ನವಗ್ರಹ ಹೋಮ, ದತ್ತ ಹೋಮ ನಡೆಯಲಿದ್ದು ನಂತರ ಶ್ರೀ ದತ್ತಾತ್ರೇಯ ಸ್ವಾಮಿ ಕಲ್ಯಾಣೋತ್ಸವ ನಡೆಯಲಿದೆ. ಭಕ್ತಾದಿಗಳು ಆಗಮಿಸಿ ಸ್ವಾಮಿಯ ಕೃಪೆಗೆ ಪಾತ್ರರಾಗಬೇಕೆಂದು ಮನವಿ ಮಾಡಿದರು.

ಕ್ರೀಡಾ ಸಚಿವ ಮಂಡಿಪಲ್ಲಿ ರಾಮಪ್ರಸಾದರೆಡ್ಡಿ, ಶಾಸಕ ಧೀರಜ್ ಮುನಿರಾಜ್, ನಗರಸಭೆಯ ಅಧ್ಯಕ್ಷ ಎ ಗಜೇಂದ್ರ, ಗಣ್ಯರು ಭಾಗವಹಿಸಲಿದ್ದಾರೆ.

ಕು ಪಂಚಾಯಿತಿ ನಿಧಿಯ ಅಧ್ಯಕ್ಷ ಎಚ್ ಎನ್ ಅಶ್ವತ್ಥನಾರಾಯಣ, ಎಸ್ಎನ್ ವಿಜಯ ಕುಮಾರ್ ಅಧ್ಯಕ್ಷ ಎಸ್ ರಘುನಾಥ್ ಸೇರಿದಂತೆ ಅನೇಕ ಗಣ್ಯರು ಭಾಗವಹಿಸಲಿದ್ದಾರೆ. ಜನವರಿ 5 ರಂದು ಭಾನುವಾರ ಬೆಳ್ಳಿಗೆ 8 ರಿಂದ ಕಲ್ಯಾಣೋತ್ಸವ ಕಾರ್ಯಕ್ರಮ ಪ್ರಾರಂಭ, ಮ.12.30 ಮಹಾಮಂಗಳಾರತಿ, ಮ.1 ಗಂಟೆಗೆ ಅನ್ನ ಸಂತರ್ಪಣೆ ಇದೇ ದಿನ ಸಂಜೆ 6 ಗಂಟೆಗೆ ಪ್ರಖ್ಯಾತ ಮೃದಂಗ ವಿದ್ವಾನ್ ರವರಿಂದ ಸಂಗೀತ ಕಾರ್ಯಕ್ರಮ ನಡೆಯಲಿದೆ. ಈ ಕಾರ್ಯಕ್ರಮಕ್ಕೆ ನಗರದ ಸರ್ವರೂ ಆಗಮಿಸಿ ಕಾರ್ಯಕ್ರಮವನ್ನು ಯಶಸ್ವಿಗೊಳಿಸಬೇಕೆಂದು ಮನವಿ ಮಾಡಿದರು. ಈ ಸಂದರ್ಭದಲ್ಲಿ ಕಾರ್ಯಕ್ರಮದ ಆಯೋಜಕರುಗಳು ಹಾಜರಿದ್ದರು.
